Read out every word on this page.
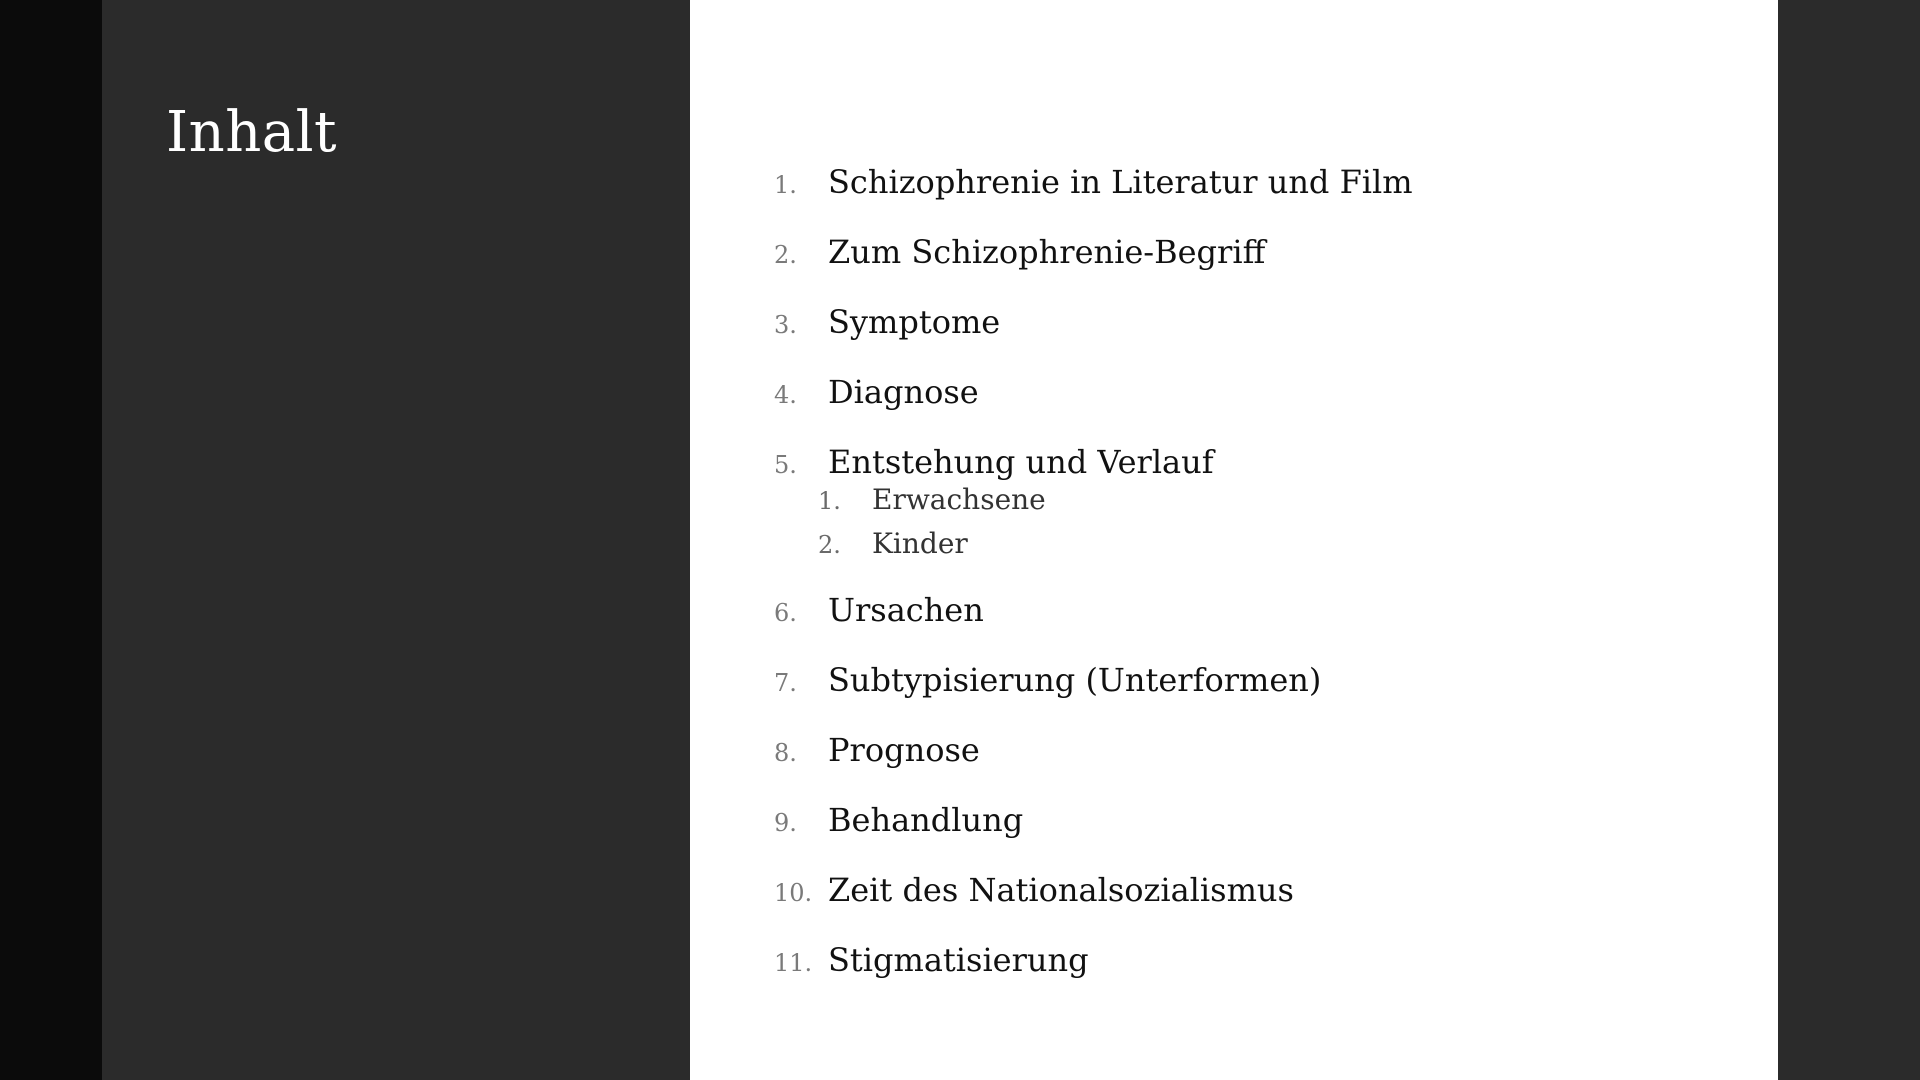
Inhalt
1. Schizophrenie in Literatur und Film
2. Zum Schizophrenie-Begriff
3. Symptome
4. Diagnose
5. Entstehung und Verlauf
1.	Erwachsene
2.	Kinder
6. Ursachen
7. Subtypisierung (Unterformen)
8. Prognose
9. Behandlung
10. Zeit des Nationalsozialismus
11. Stigmatisierung
